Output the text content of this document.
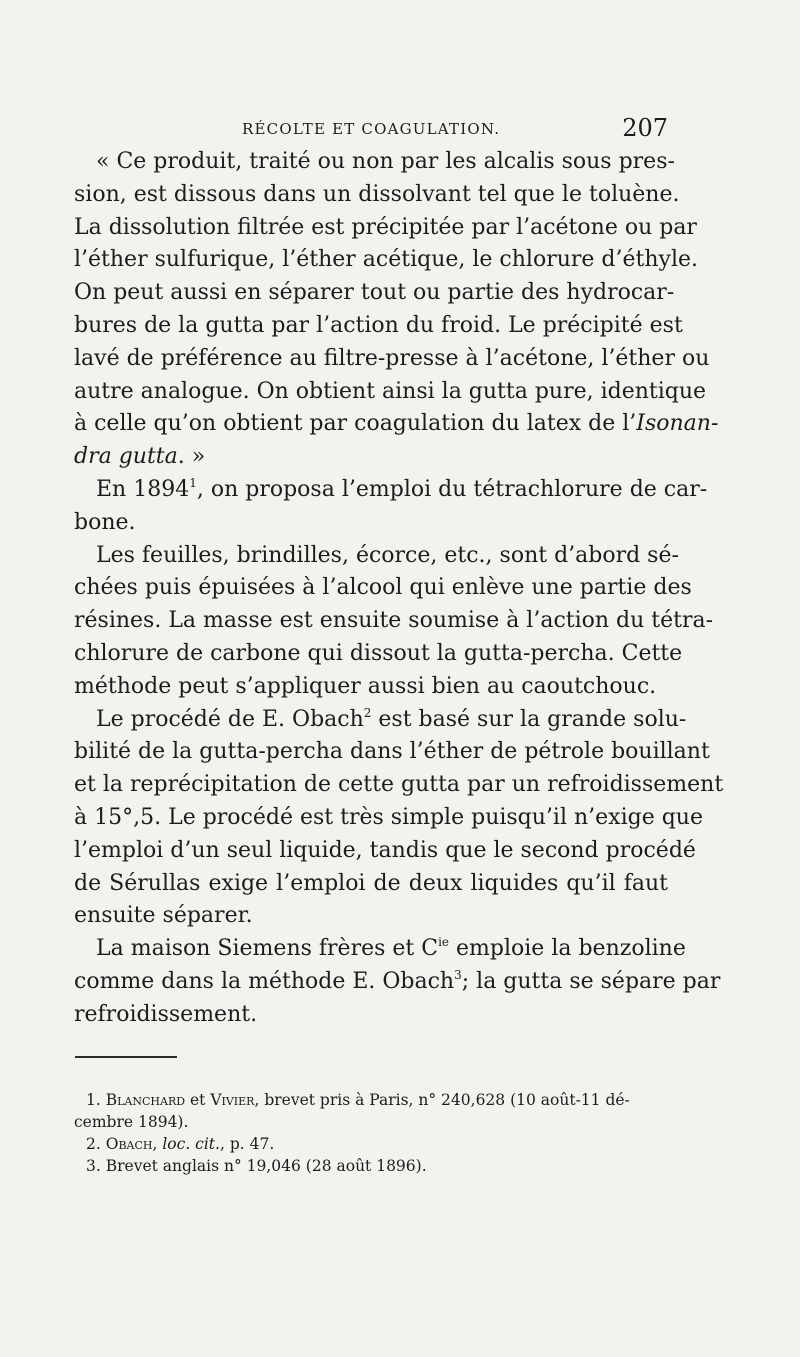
RÉCOLTE ET COAGULATION.	207
« Ce produit, traité ou non par les alcalis sous pres-
sion, est dissous dans un dissolvant tel que le toluène.
La dissolution filtrée est précipitée par l’acétone ou par
l’éther sulfurique, l’éther acétique, le chlorure d’éthyle.
On peut aussi en séparer tout ou partie des hydrocar-
bures de la gutta par l’action du froid. Le précipité est
lavé de préférence au filtre-presse à l’acétone, l’éther ou
autre analogue. On obtient ainsi la gutta pure, identique
à celle qu’on obtient par coagulation du latex de l’Isonan-
dra gutta. »
En 1894$^1$, on proposa l’emploi du tétrachlorure de car-
bone.
Les feuilles, brindilles, écorce, etc., sont d’abord sé-
chées puis épuisées à l’alcool qui enlève une partie des
résines. La masse est ensuite soumise à l’action du tétra-
chlorure de carbone qui dissout la gutta-percha. Cette
méthode peut s’appliquer aussi bien au caoutchouc.
Le procédé de E. Obach$^2$ est basé sur la grande solu-
bilité de la gutta-percha dans l’éther de pétrole bouillant
et la reprécipitation de cette gutta par un refroidissement
à 15°,5. Le procédé est très simple puisqu’il n’exige que
l’emploi d’un seul liquide, tandis que le second procédé
de Sérullas exige l’emploi de deux liquides qu’il faut
ensuite séparer.
La maison Siemens frères et $C^{ie}$ emploie la benzoline
comme dans la méthode E. Obach$^3$; la gutta se sépare par
refroidissement.
1. Blanchard et Vivier, brevet pris à Paris, n° 240,628 (10 août-11 dé-
cembre 1894).
2. Obach, loc. cit., p. 47.
3. Brevet anglais n° 19,046 (28 août 1896).
